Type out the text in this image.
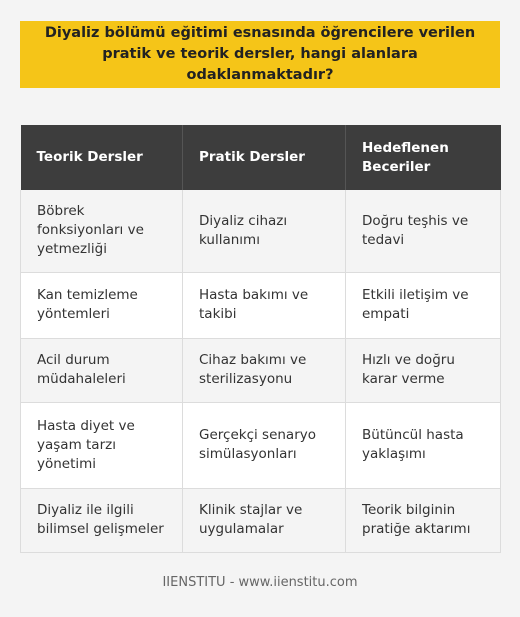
Diyaliz bölümü eğitimi esnasında öğrencilere verilen pratik ve teorik dersler, hangi alanlara odaklanmaktadır?
Teorik Dersler	Pratik Dersler	Hedeflenen Beceriler
Böbrek fonksiyonları ve yetmezliği	Diyaliz cihazı kullanımı	Doğru teşhis ve tedavi
Kan temizleme yöntemleri	Hasta bakımı ve takibi	Etkili iletişim ve empati
Acil durum müdahaleleri	Cihaz bakımı ve sterilizasyonu	Hızlı ve doğru karar verme
Hasta diyet ve yaşam tarzı yönetimi	Gerçekçi senaryo simülasyonları	Bütüncül hasta yaklaşımı
Diyaliz ile ilgili bilimsel gelişmeler	Klinik stajlar ve uygulamalar	Teorik bilginin pratiğe aktarımı
IIENSTITU - www.iienstitu.com
